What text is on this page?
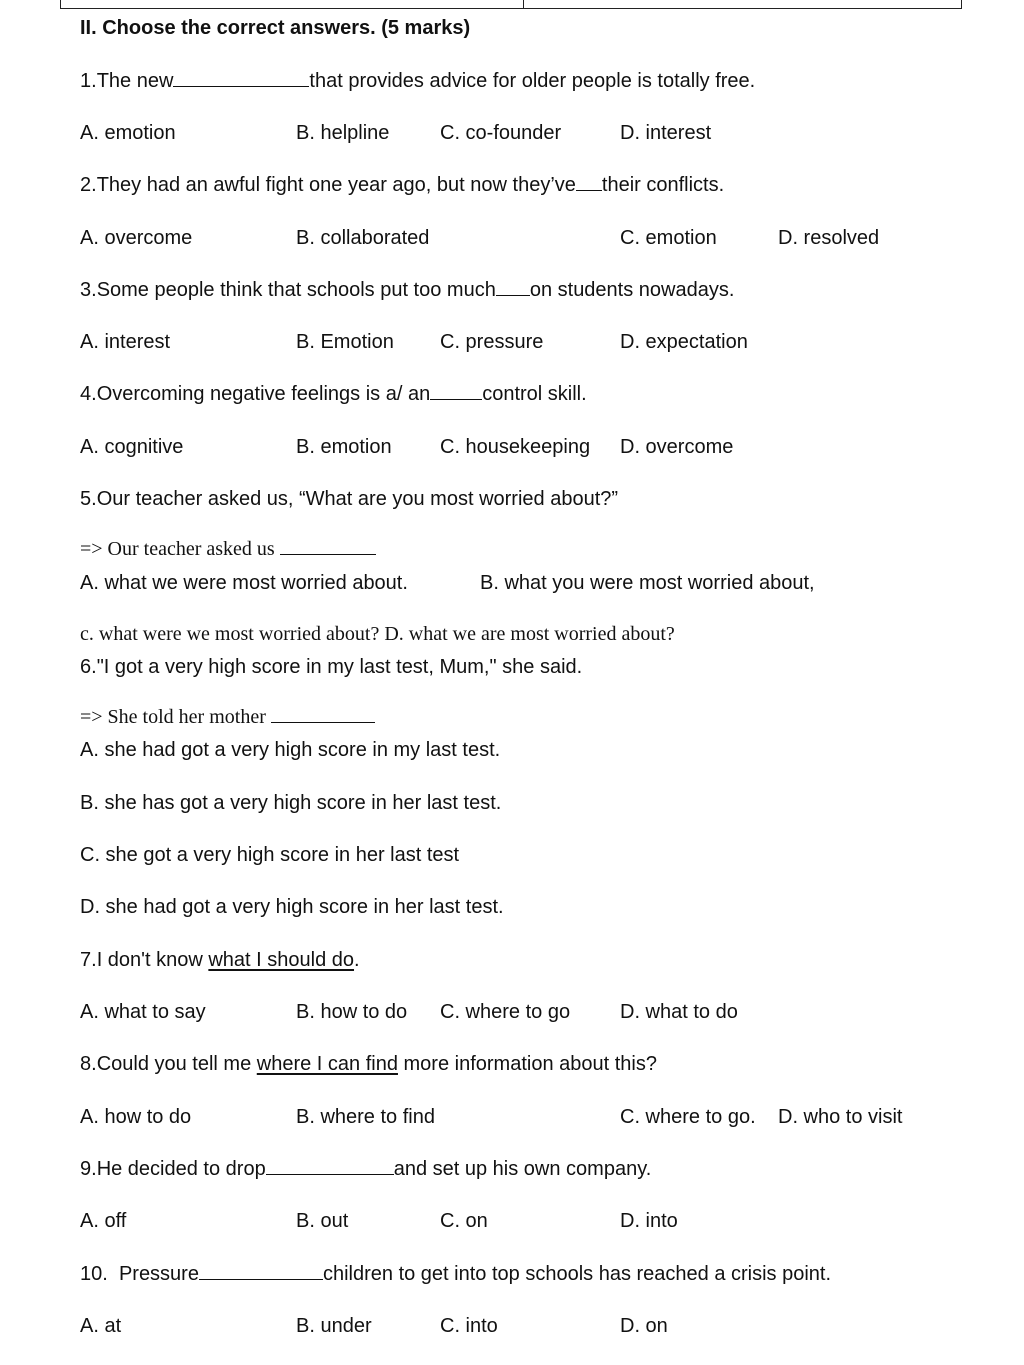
II. Choose the correct answers. (5 marks)
1.The new	that provides advice for older people is totally free.
A. emotion	B. helpline	C. co-founder	D. interest
2.They had an awful fight one year ago, but now they’ve their conflicts.
A. overcome	B. collaborated	C. emotion	D. resolved
3.Some people think that schools put too much on students nowadays.
A. interest	B. Emotion C. pressure	D. expectation
4.Overcoming negative feelings is a/ an	control skill.
A. cognitive	B. emotion C. housekeeping D. overcome
5.Our teacher asked us, “What are you most worried about?”
=> Our teacher asked us
A. what we were most worried about.	B. what you were most worried about,
c. what were we most worried about? D. what we are most worried about?
6."I got a very high score in my last test, Mum," she said.
=> She told her mother
A. she had got a very high score in my last test.
B. she has got a very high score in her last test.
C. she got a very high score in her last test
D. she had got a very high score in her last test.
7.I don't know what I should do.
A. what to say	B. how to do C. where to go D. what to do
8.Could you tell me where I can find more information about this?
A. how to do	B. where to find	C. where to go. D. who to visit
9.He decided to drop	and set up his own company.
A. off	B. out	C. on	D. into
10. Pressure	children to get into top schools has reached a crisis point.
A. at	B. under	C. into	D. on
